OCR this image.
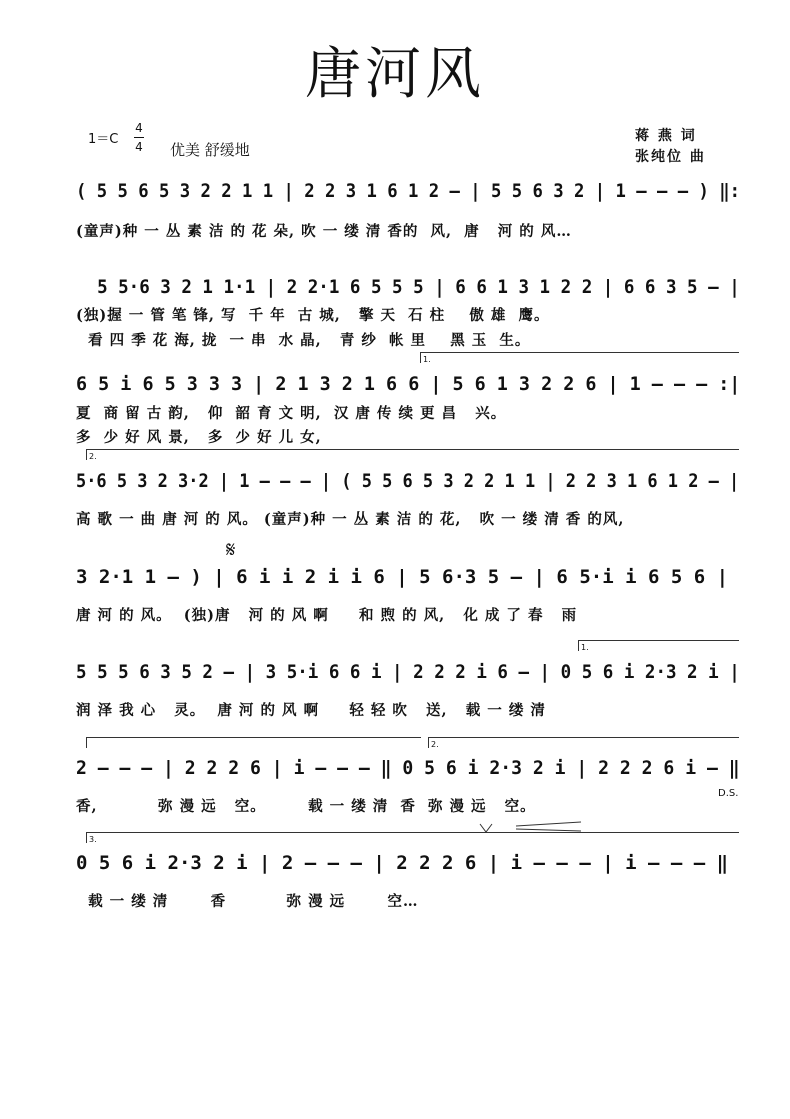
唐河风
1＝C
4
4 优美 舒缓地
蒋 燕 词
张纯位 曲
( 5 5 6 5 3 2 2 1 1 | 2 2 3 1 6 1 2 – | 5 5 6 3 2 | 1 – – – ) ‖:
(童声)种 一 丛 素 洁 的 花 朵, 吹 一 缕 清 香的  风,  唐   河 的 风…
5 5·6 3 2 1 1·1 | 2 2·1 6 5 5 5 | 6 6 1 3 1 2 2 | 6 6 3 5 – |
(独)握 一 管 笔 锋, 写  千 年  古 城,   擎 天  石 柱    傲 雄  鹰。
看 四 季 花 海, 拢  一 串  水 晶,   青 纱  帐 里    黑 玉  生。
1.
6 5 i 6 5 3 3 3 | 2 1 3 2 1 6 6 | 5 6 1 3 2 2 6 | 1 – – – :|
夏  商 留 古 韵,   仰  韶 育 文 明,  汉 唐 传 续 更 昌   兴。
多  少 好 风 景,   多  少 好 儿 女,
2.
5·6 5 3 2 3·2 | 1 – – – | ( 5 5 6 5 3 2 2 1 1 | 2 2 3 1 6 1 2 – |
高 歌 一 曲 唐 河 的 风。 (童声)种 一 丛 素 洁 的 花,   吹 一 缕 清 香 的风,
𝄋
3 2·1 1 – ) | 6 i i 2 i i 6 | 5 6·3 5 – | 6 5·i i 6 5 6 |
唐 河 的 风。  (独)唐   河 的 风 啊     和 煦 的 风,   化 成 了 春   雨
1.
5 5 5 6 3 5 2 – | 3 5·i 6 6 i | 2 2 2 i 6 – | 0 5 6 i 2·3 2 i |
润 泽 我 心   灵。  唐 河 的 风 啊     轻 轻 吹   送,   载 一 缕 清
2.
2 – – – | 2 2 2 6 | i – – – ‖ 0 5 6 i 2·3 2 i | 2 2 2 6 i – ‖
香,          弥 漫 远   空。       载 一 缕 清  香  弥 漫 远   空。
D.S.
3.
0 5 6 i 2·3 2 i | 2 – – – | 2 2 2 6 | i – – – | i – – – ‖
载 一 缕 清       香          弥 漫 远       空…
